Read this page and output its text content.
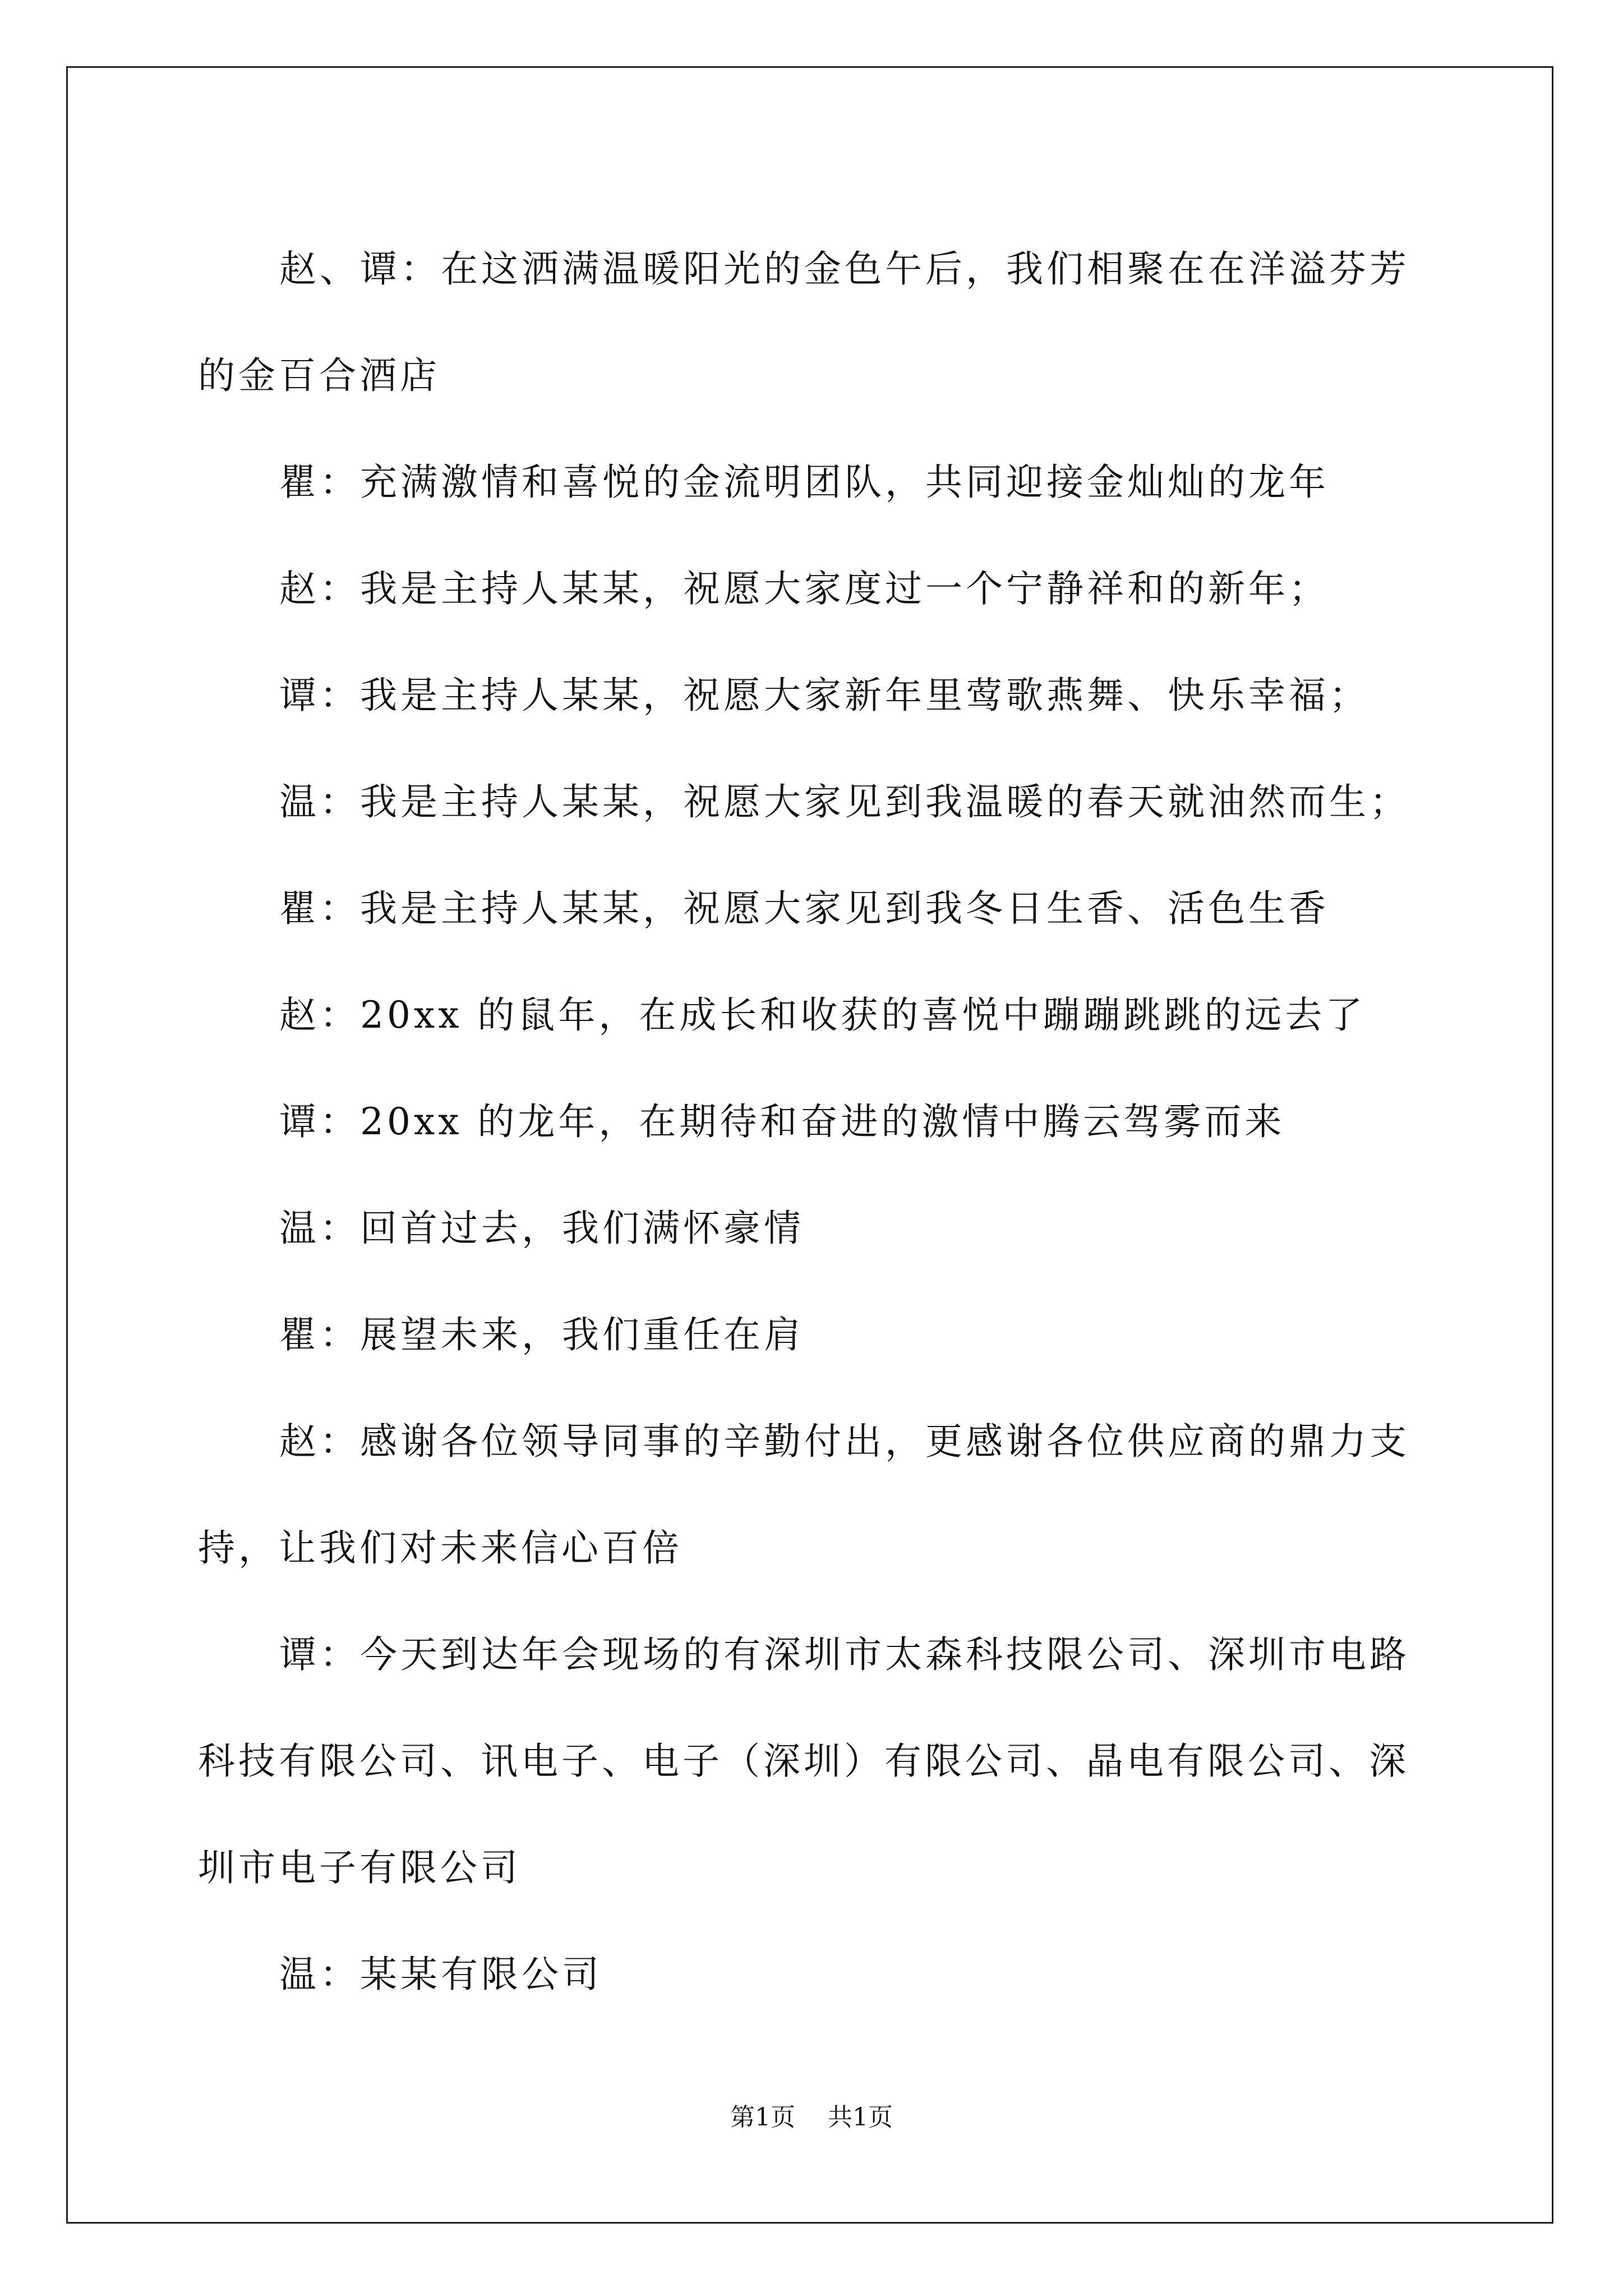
赵、谭：在这洒满温暖阳光的金色午后，我们相聚在在洋溢芬芳的金百合酒店

瞿：充满激情和喜悦的金流明团队，共同迎接金灿灿的龙年

赵：我是主持人某某，祝愿大家度过一个宁静祥和的新年；

谭：我是主持人某某，祝愿大家新年里莺歌燕舞、快乐幸福；

温：我是主持人某某，祝愿大家见到我温暖的春天就油然而生；

瞿：我是主持人某某，祝愿大家见到我冬日生香、活色生香

赵：20xx 的鼠年，在成长和收获的喜悦中蹦蹦跳跳的远去了

谭：20xx 的龙年，在期待和奋进的激情中腾云驾雾而来

温：回首过去，我们满怀豪情

瞿：展望未来，我们重任在肩

赵：感谢各位领导同事的辛勤付出，更感谢各位供应商的鼎力支持，让我们对未来信心百倍

谭：今天到达年会现场的有深圳市太森科技限公司、深圳市电路科技有限公司、讯电子、电子（深圳）有限公司、晶电有限公司、深圳市电子有限公司

温：某某有限公司

第1页 共1页
